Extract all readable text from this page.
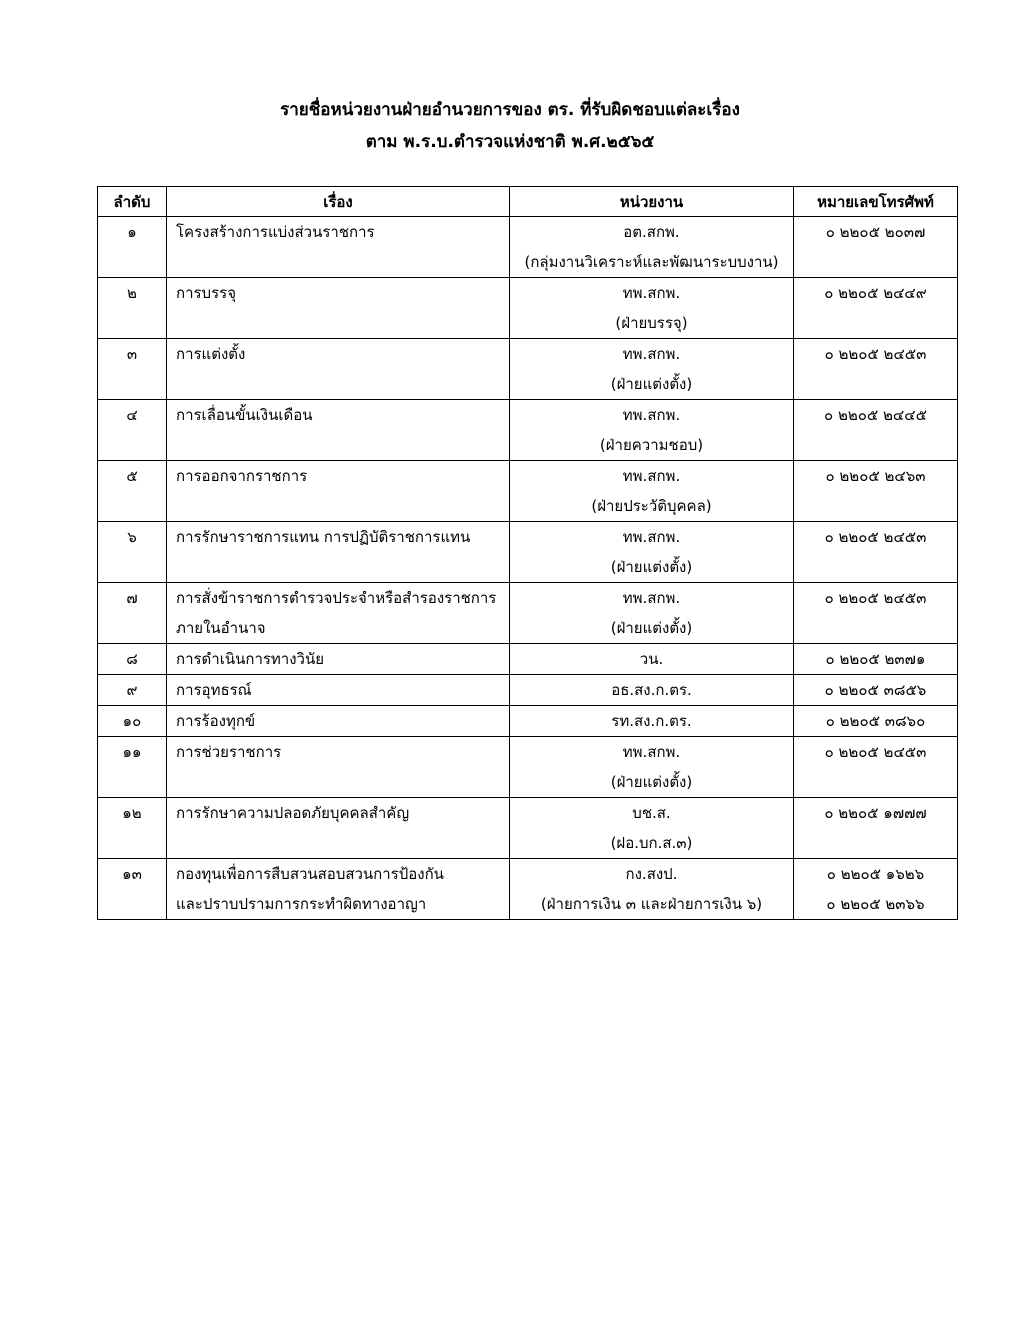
รายชื่อหน่วยงานฝ่ายอำนวยการของ ตร. ที่รับผิดชอบแต่ละเรื่อง
ตาม พ.ร.บ.ตำรวจแห่งชาติ พ.ศ.๒๕๖๕
ลำดับ	เรื่อง	หน่วยงาน	หมายเลขโทรศัพท์

๑	โครงสร้างการแบ่งส่วนราชการ	อต.สกพ.
(กลุ่มงานวิเคราะห์และพัฒนาระบบงาน)	๐ ๒๒๐๕ ๒๐๓๗

๒	การบรรจุ	ทพ.สกพ.
(ฝ่ายบรรจุ)	๐ ๒๒๐๕ ๒๔๔๙

๓	การแต่งตั้ง	ทพ.สกพ.
(ฝ่ายแต่งตั้ง)	๐ ๒๒๐๕ ๒๔๕๓

๔	การเลื่อนขั้นเงินเดือน	ทพ.สกพ.
(ฝ่ายความชอบ)	๐ ๒๒๐๕ ๒๔๔๕

๕	การออกจากราชการ	ทพ.สกพ.
(ฝ่ายประวัติบุคคล)	๐ ๒๒๐๕ ๒๔๖๓

๖	การรักษาราชการแทน การปฏิบัติราชการแทน	ทพ.สกพ.
(ฝ่ายแต่งตั้ง)	๐ ๒๒๐๕ ๒๔๕๓

๗	การสั่งข้าราชการตำรวจประจำหรือสำรองราชการ
ภายในอำนาจ	ทพ.สกพ.
(ฝ่ายแต่งตั้ง)	๐ ๒๒๐๕ ๒๔๕๓

๘	การดำเนินการทางวินัย	วน.	๐ ๒๒๐๕ ๒๓๗๑

๙	การอุทธรณ์	อธ.สง.ก.ตร.	๐ ๒๒๐๕ ๓๘๕๖

๑๐	การร้องทุกข์	รท.สง.ก.ตร.	๐ ๒๒๐๕ ๓๘๖๐

๑๑	การช่วยราชการ	ทพ.สกพ.
(ฝ่ายแต่งตั้ง)	๐ ๒๒๐๕ ๒๔๕๓

๑๒	การรักษาความปลอดภัยบุคคลสำคัญ	บช.ส.
(ฝอ.บก.ส.๓)	๐ ๒๒๐๕ ๑๗๗๗

๑๓	กองทุนเพื่อการสืบสวนสอบสวนการป้องกัน
และปราบปรามการกระทำผิดทางอาญา	กง.สงป.
(ฝ่ายการเงิน ๓ และฝ่ายการเงิน ๖)	๐ ๒๒๐๕ ๑๖๒๖
๐ ๒๒๐๕ ๒๓๖๖
